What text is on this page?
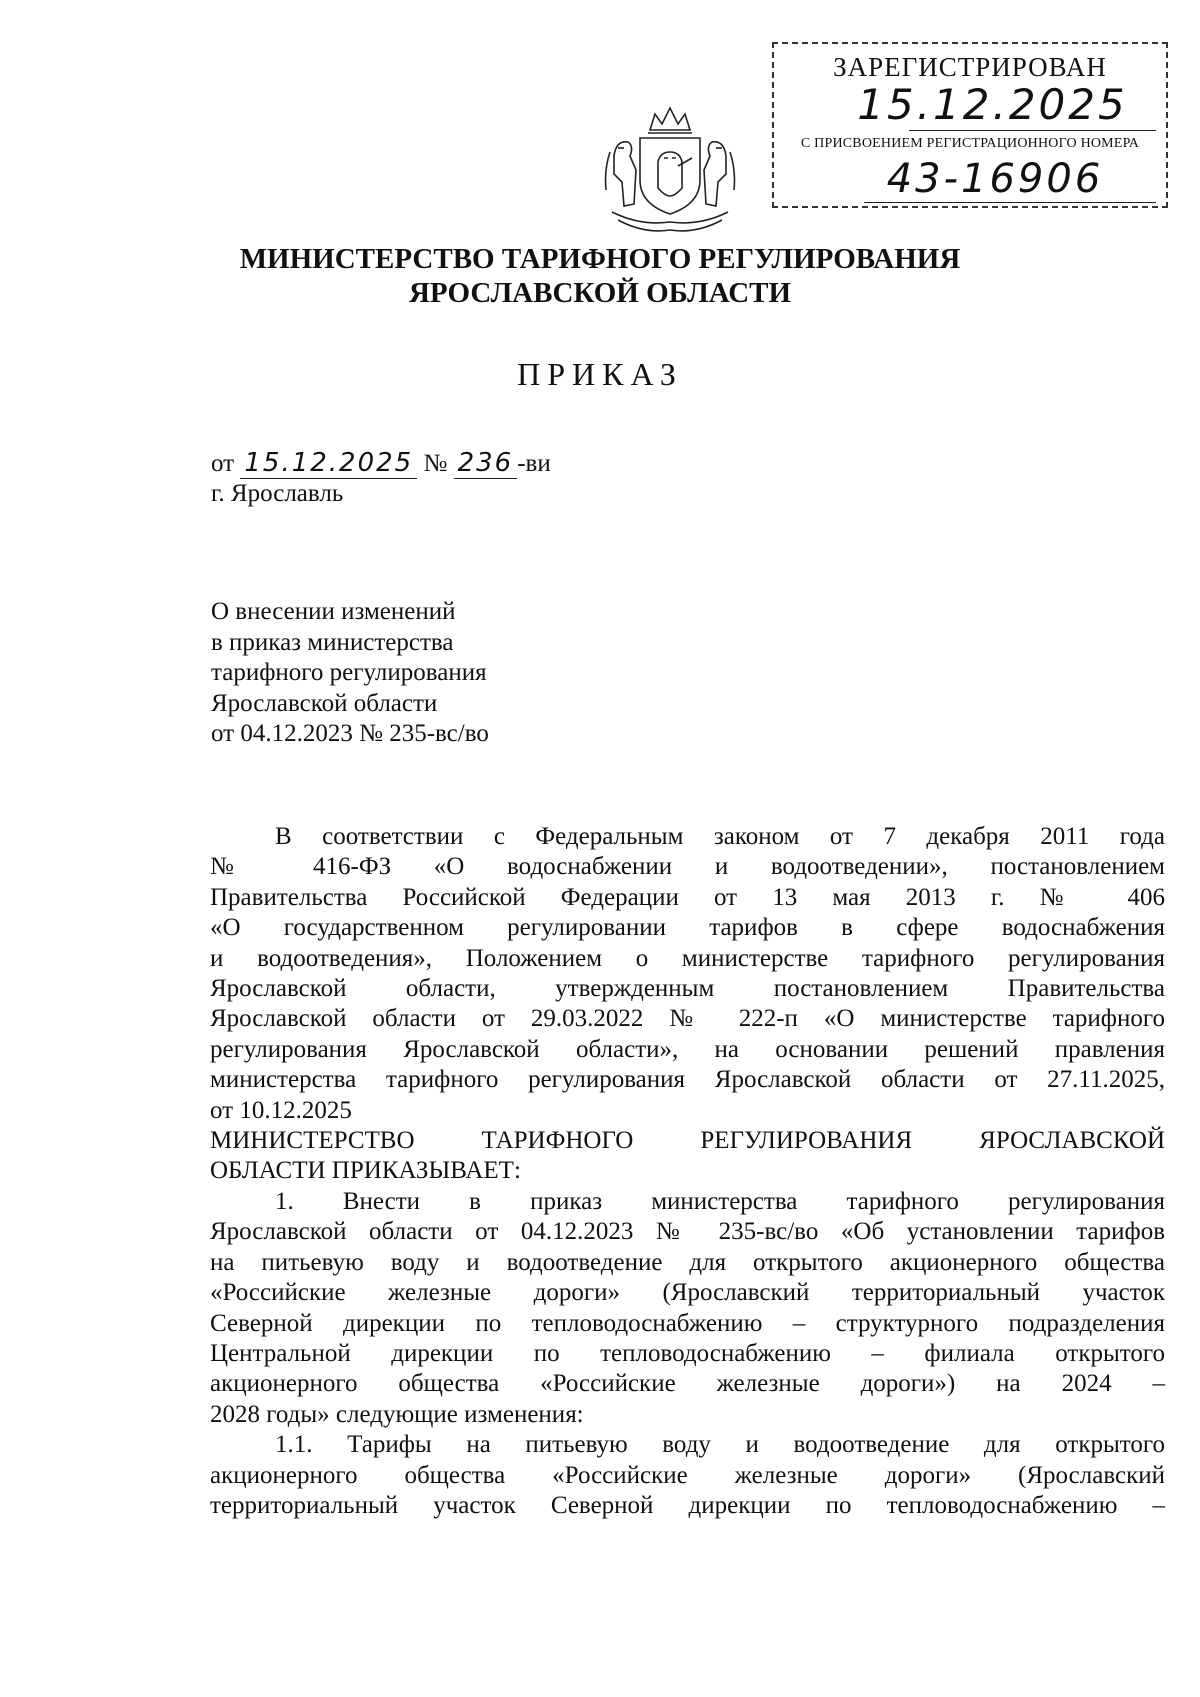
ЗАРЕГИСТРИРОВАН
15.12.2025
С ПРИСВОЕНИЕМ РЕГИСТРАЦИОННОГО НОМЕРА
43-16906
МИНИСТЕРСТВО ТАРИФНОГО РЕГУЛИРОВАНИЯ
ЯРОСЛАВСКОЙ ОБЛАСТИ
ПРИКАЗ
от 15.12.2025 № 236 -ви
г. Ярославль
О внесении изменений
в приказ министерства
тарифного регулирования
Ярославской области
от 04.12.2023 № 235-вс/во
В соответствии с Федеральным законом от 7 декабря 2011 года
№ 416-ФЗ «О водоснабжении и водоотведении», постановлением
Правительства Российской Федерации от 13 мая 2013 г. № 406
«О государственном регулировании тарифов в сфере водоснабжения
и водоотведения», Положением о министерстве тарифного регулирования
Ярославской области, утвержденным постановлением Правительства
Ярославской области от 29.03.2022 № 222-п «О министерстве тарифного
регулирования Ярославской области», на основании решений правления
министерства тарифного регулирования Ярославской области от 27.11.2025,
от 10.12.2025
МИНИСТЕРСТВО ТАРИФНОГО РЕГУЛИРОВАНИЯ ЯРОСЛАВСКОЙ
ОБЛАСТИ ПРИКАЗЫВАЕТ:
1. Внести в приказ министерства тарифного регулирования
Ярославской области от 04.12.2023 № 235-вс/во «Об установлении тарифов
на питьевую воду и водоотведение для открытого акционерного общества
«Российские железные дороги» (Ярославский территориальный участок
Северной дирекции по тепловодоснабжению – структурного подразделения
Центральной дирекции по тепловодоснабжению – филиала открытого
акционерного общества «Российские железные дороги») на 2024 –
2028 годы» следующие изменения:
1.1. Тарифы на питьевую воду и водоотведение для открытого
акционерного общества «Российские железные дороги» (Ярославский
территориальный участок Северной дирекции по тепловодоснабжению –
